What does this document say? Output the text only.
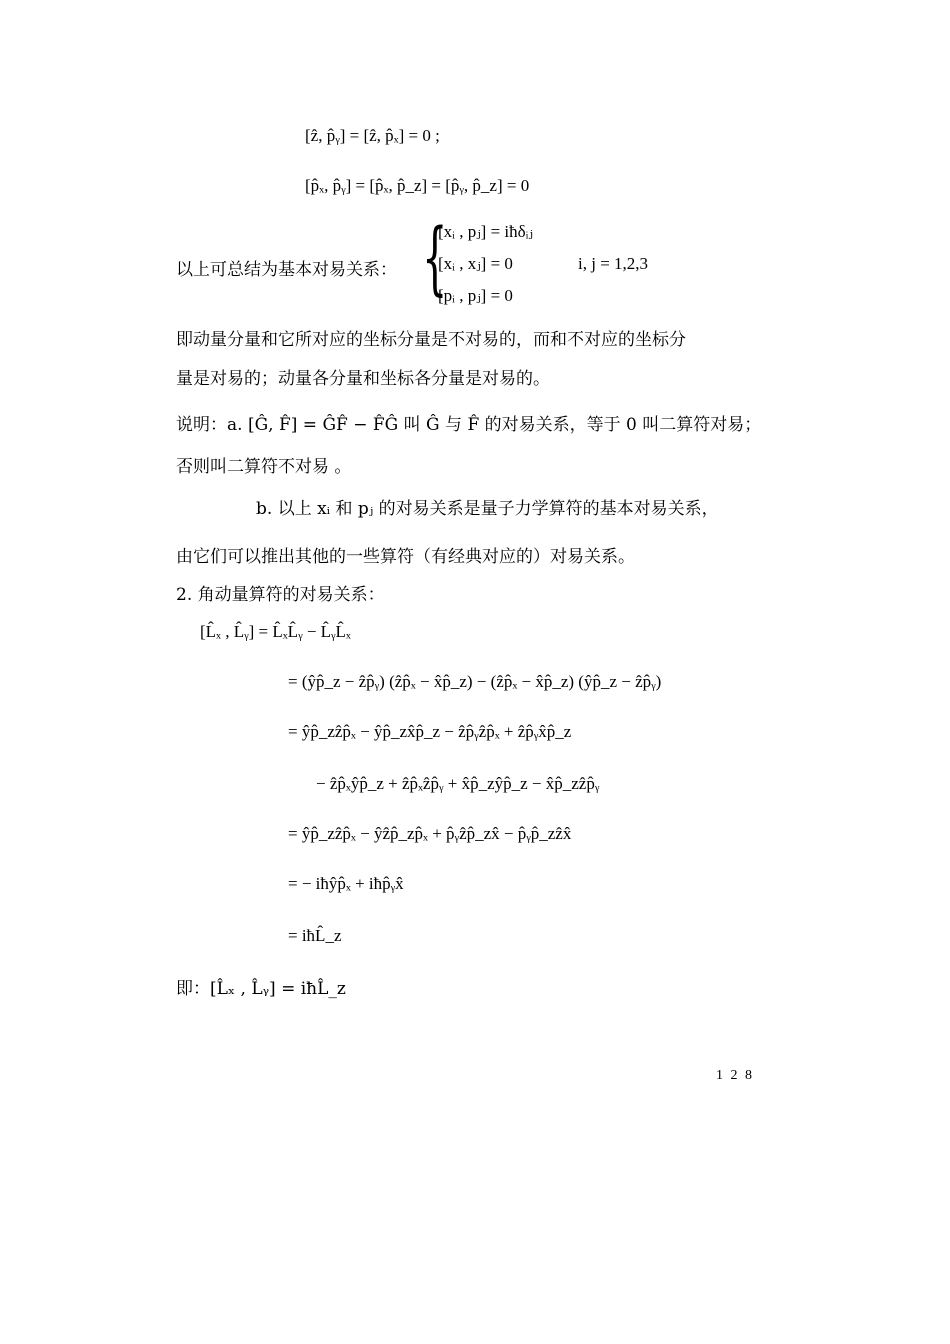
[ẑ, p̂ᵧ] = [ẑ, p̂ₓ] = 0 ;
[p̂ₓ, p̂ᵧ] = [p̂ₓ, p̂_z] = [p̂ᵧ, p̂_z] = 0
以上可总结为基本对易关系： {
[xᵢ , pⱼ] = iħδᵢⱼ
[xᵢ , xⱼ] = 0
[pᵢ , pⱼ] = 0
i, j = 1,2,3
即动量分量和它所对应的坐标分量是不对易的，而和不对应的坐标分
量是对易的；动量各分量和坐标各分量是对易的。
说明：a. [Ĝ, F̂] = ĜF̂ − F̂Ĝ 叫 Ĝ 与 F̂ 的对易关系，等于 0 叫二算符对易；
否则叫二算符不对易 。
b. 以上 xᵢ 和 pⱼ 的对易关系是量子力学算符的基本对易关系，
由它们可以推出其他的一些算符（有经典对应的）对易关系。
2. 角动量算符的对易关系：
[L̂ₓ , L̂ᵧ] = L̂ₓL̂ᵧ − L̂ᵧL̂ₓ
= (ŷp̂_z − ẑp̂ᵧ) (ẑp̂ₓ − x̂p̂_z) − (ẑp̂ₓ − x̂p̂_z) (ŷp̂_z − ẑp̂ᵧ)
= ŷp̂_zẑp̂ₓ − ŷp̂_zx̂p̂_z − ẑp̂ᵧẑp̂ₓ + ẑp̂ᵧx̂p̂_z
− ẑp̂ₓŷp̂_z + ẑp̂ₓẑp̂ᵧ + x̂p̂_zŷp̂_z − x̂p̂_zẑp̂ᵧ
= ŷp̂_zẑp̂ₓ − ŷẑp̂_zp̂ₓ + p̂ᵧẑp̂_zx̂ − p̂ᵧp̂_zẑx̂
= − iħŷp̂ₓ + iħp̂ᵧx̂
= iħL̂_z
即：[L̂ₓ , L̂ᵧ] = iħL̂_z
1 2 8
